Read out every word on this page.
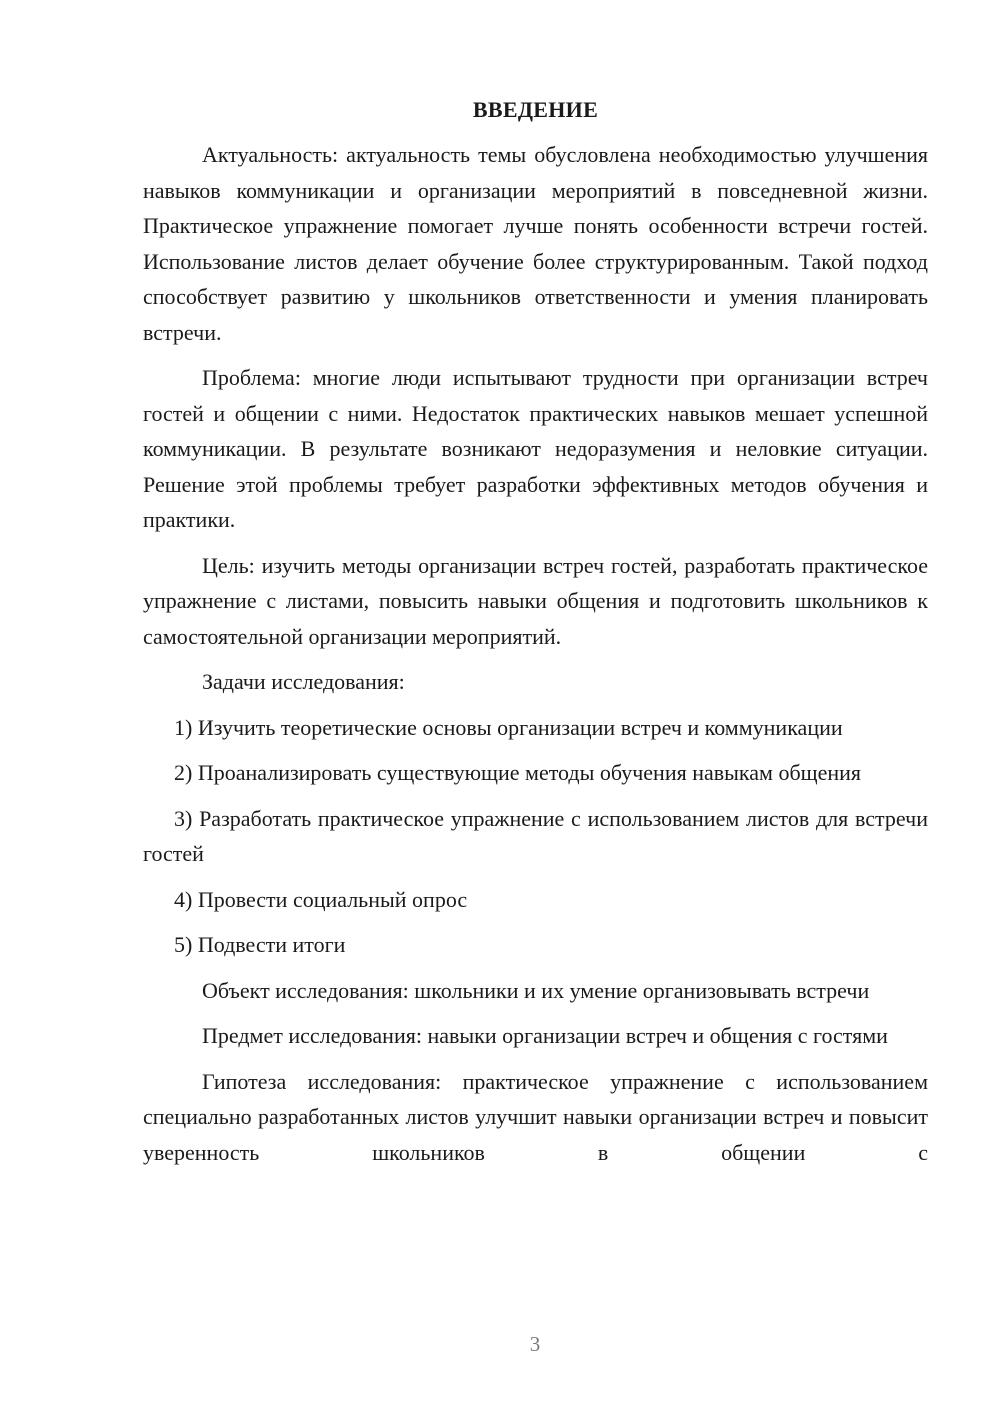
ВВЕДЕНИЕ

Актуальность: актуальность темы обусловлена необходимостью улучшения навыков коммуникации и организации мероприятий в повседневной жизни. Практическое упражнение помогает лучше понять особенности встречи гостей. Использование листов делает обучение более структурированным. Такой подход способствует развитию у школьников ответственности и умения планировать встречи.

Проблема: многие люди испытывают трудности при организации встреч гостей и общении с ними. Недостаток практических навыков мешает успешной коммуникации. В результате возникают недоразумения и неловкие ситуации. Решение этой проблемы требует разработки эффективных методов обучения и практики.

Цель: изучить методы организации встреч гостей, разработать практическое упражнение с листами, повысить навыки общения и подготовить школьников к самостоятельной организации мероприятий.

Задачи исследования:

1) Изучить теоретические основы организации встреч и коммуникации

2) Проанализировать существующие методы обучения навыкам общения

3) Разработать практическое упражнение с использованием листов для встречи гостей

4) Провести социальный опрос

5) Подвести итоги

Объект исследования: школьники и их умение организовывать встречи

Предмет исследования: навыки организации встреч и общения с гостями

Гипотеза исследования: практическое упражнение с использованием специально разработанных листов улучшит навыки организации встреч и повысит уверенность школьников в общении с

3
